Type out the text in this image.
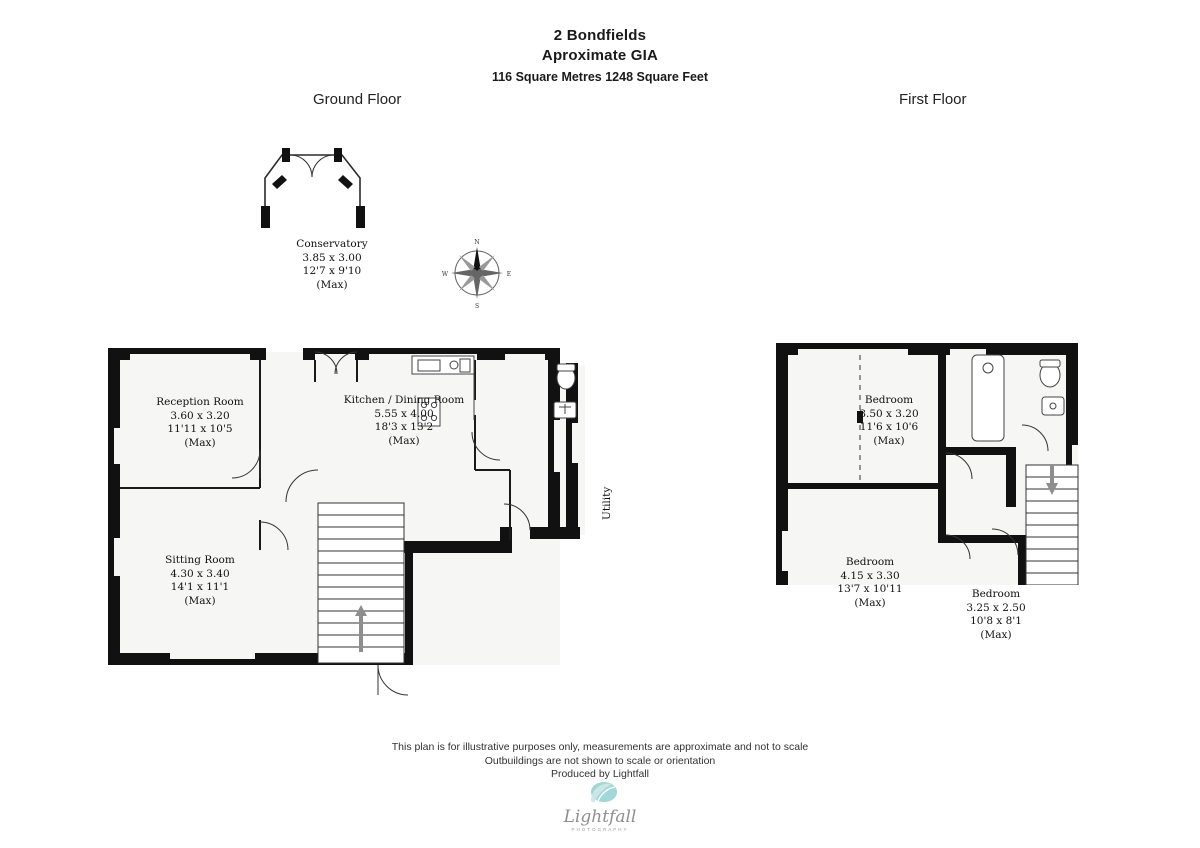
2 Bondfields
Aproximate GIA
116 Square Metres 1248 Square Feet
Ground Floor	First Floor
N
E
S
W
Conservatory
3.85 x 3.00
12'7 x 9'10
(Max)
Reception Room
3.60 x 3.20
11'11 x 10'5
(Max)
Kitchen / Dining Room
5.55 x 4.00
18'3 x 13'2
(Max)
Sitting Room
4.30 x 3.40
14'1 x 11'1
(Max)
Utility
Bedroom
3.50 x 3.20
11'6 x 10'6
(Max)
Bedroom
4.15 x 3.30
13'7 x 10'11
(Max)
Bedroom
3.25 x 2.50
10'8 x 8'1
(Max)
This plan is for illustrative purposes only, measurements are approximate and not to scale
Outbuildings are not shown to scale or orientation
Produced by Lightfall
Lightfall
PHOTOGRAPHY
